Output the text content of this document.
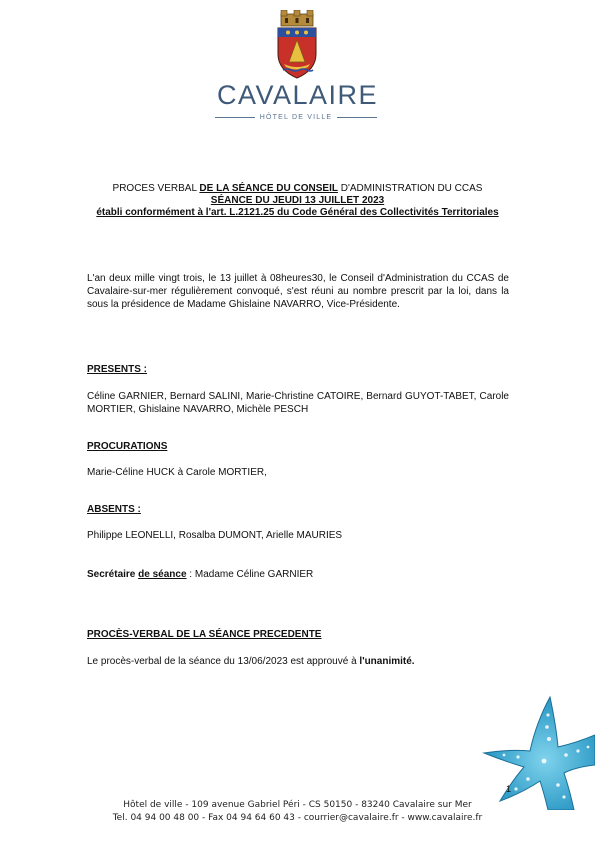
CAVALAIRE
HÔTEL DE VILLE
PROCES VERBAL DE LA SÉANCE DU CONSEIL D'ADMINISTRATION DU CCAS
SÉANCE DU JEUDI 13 JUILLET 2023
établi conformément à l'art. L.2121.25 du Code Général des Collectivités Territoriales
L'an deux mille vingt trois, le 13 juillet à 08heures30, le Conseil d'Administration du CCAS de Cavalaire-sur-mer régulièrement convoqué, s'est réuni au nombre prescrit par la loi, dans la sous la présidence de Madame Ghislaine NAVARRO, Vice-Présidente.
PRESENTS :
Céline GARNIER, Bernard SALINI, Marie-Christine CATOIRE, Bernard GUYOT-TABET, Carole MORTIER, Ghislaine NAVARRO, Michèle PESCH
PROCURATIONS
Marie-Céline HUCK à Carole MORTIER,
ABSENTS :
Philippe LEONELLI, Rosalba DUMONT, Arielle MAURIES
Secrétaire de séance : Madame Céline GARNIER
PROCÈS-VERBAL DE LA SÉANCE PRECEDENTE
Le procès-verbal de la séance du 13/06/2023 est approuvé à l'unanimité.
1
Hôtel de ville - 109 avenue Gabriel Péri - CS 50150 - 83240 Cavalaire sur Mer
Tel. 04 94 00 48 00 - Fax 04 94 64 60 43 - courrier@cavalaire.fr - www.cavalaire.fr
